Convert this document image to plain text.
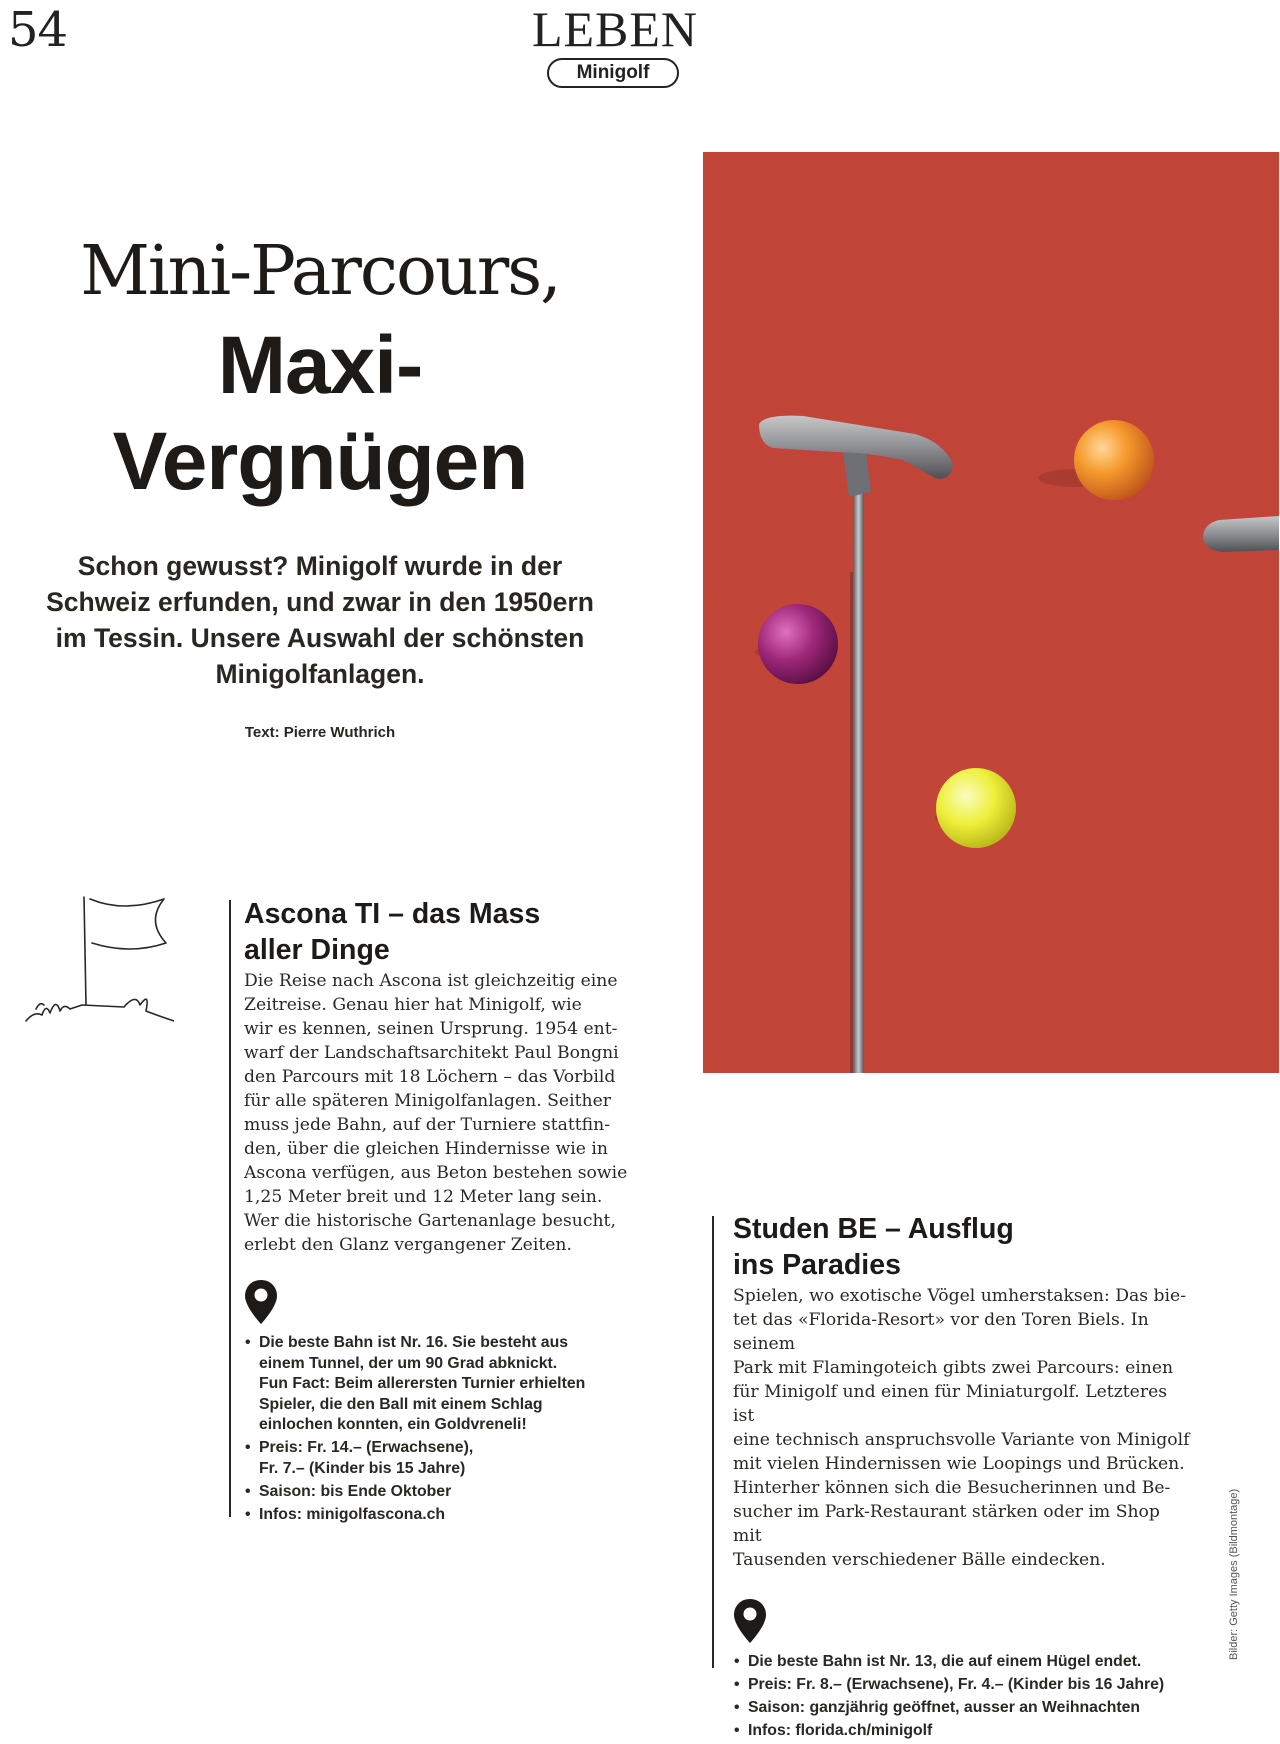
54	LEBEN
Minigolf
Mini-Parcours,
Maxi-
Vergnügen
Schon gewusst? Minigolf wurde in der Schweiz erfunden, und zwar in den 1950ern im Tessin. Unsere Auswahl der schönsten Minigolfanlagen.
Text: Pierre Wuthrich
Ascona TI – das Mass
aller Dinge
Die Reise nach Ascona ist gleichzeitig eine
Zeitreise. Genau hier hat Minigolf, wie
wir es kennen, seinen Ursprung. 1954 ent-
warf der Landschaftsarchitekt Paul Bongni
den Parcours mit 18 Löchern – das Vorbild
für alle späteren Minigolfanlagen. Seither
muss jede Bahn, auf der Turniere stattfin-
den, über die gleichen Hindernisse wie in
Ascona verfügen, aus Beton bestehen sowie
1,25 Meter breit und 12 Meter lang sein.
Wer die historische Gartenanlage besucht,
erlebt den Glanz vergangener Zeiten.
• Die beste Bahn ist Nr. 16. Sie besteht aus
einem Tunnel, der um 90 Grad abknickt.
Fun Fact: Beim allerersten Turnier erhielten
Spieler, die den Ball mit einem Schlag
einlochen konnten, ein Goldvreneli!
• Preis: Fr. 14.– (Erwachsene),
Fr. 7.– (Kinder bis 15 Jahre)
• Saison: bis Ende Oktober
• Infos: minigolfascona.ch
Studen BE – Ausflug
ins Paradies
Spielen, wo exotische Vögel umherstaksen: Das bie-
tet das «Florida-Resort» vor den Toren Biels. In seinem
Park mit Flamingoteich gibts zwei Parcours: einen
für Minigolf und einen für Miniaturgolf. Letzteres ist
eine technisch anspruchsvolle Variante von Minigolf
mit vielen Hindernissen wie Loopings und Brücken.
Hinterher können sich die Besucherinnen und Be-
sucher im Park-Restaurant stärken oder im Shop mit
Tausenden verschiedener Bälle eindecken.
• Die beste Bahn ist Nr. 13, die auf einem Hügel endet.
• Preis: Fr. 8.– (Erwachsene), Fr. 4.– (Kinder bis 16 Jahre)
• Saison: ganzjährig geöffnet, ausser an Weihnachten
• Infos: florida.ch/minigolf
Bilder: Getty Images (Bildmontage)
